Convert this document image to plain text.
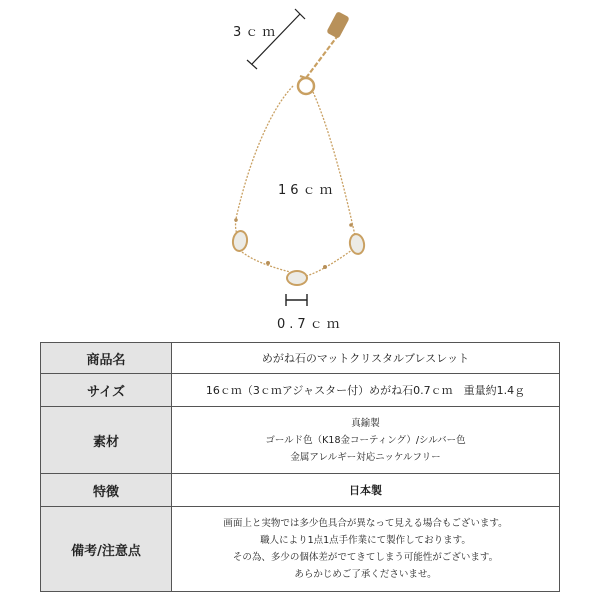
3ｃｍ
16ｃｍ
0.7ｃｍ
商品名	めがね石のマットクリスタルブレスレット
サイズ	16ｃｍ（3ｃｍアジャスター付）めがね石0.7ｃｍ　重量約1.4ｇ
素材	真鍮製
ゴールド色（K18金コーティング）/シルバー色
金属アレルギー対応ニッケルフリー

特徴	日本製
備考/注意点	画面上と実物では多少色具合が異なって見える場合もございます。
職人により1点1点手作業にて製作しております。
その為、多少の個体差がでてきてしまう可能性がございます。
あらかじめご了承くださいませ。
